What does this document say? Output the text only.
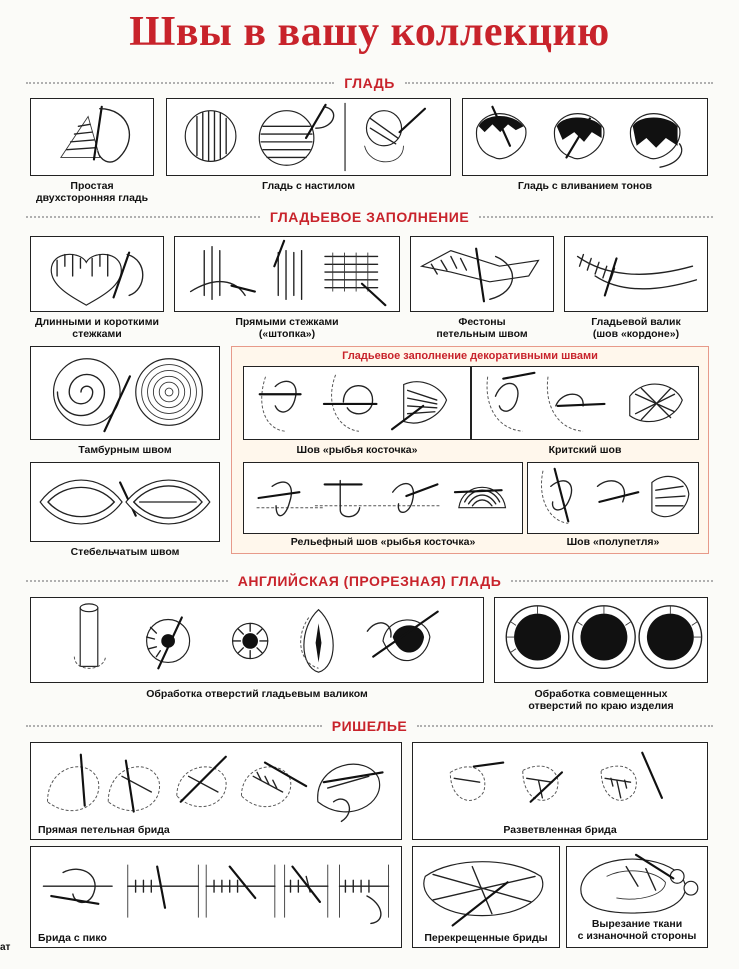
Швы в вашу коллекцию
ГЛАДЬ
Простая
двухсторонняя гладь
Гладь с настилом	Гладь с вливанием тонов
ГЛАДЬЕВОЕ ЗАПОЛНЕНИЕ
Длинными и короткими
стежками
Прямыми стежками
(«штопка»)
Фестоны
петельным швом
Гладьевой валик
(шов «кордоне»)
Тамбурным швом
Стебельчатым швом
Гладьевое заполнение декоративными швами
Шов «рыбья косточка»	Критский шов
Рельефный шов «рыбья косточка»	Шов «полупетля»
АНГЛИЙСКАЯ (ПРОРЕЗНАЯ) ГЛАДЬ
Обработка отверстий гладьевым валиком	Обработка совмещенных
отверстий по краю изделия
РИШЕЛЬЕ
Прямая петельная брида	Разветвленная брида
Брида с пико	Перекрещенные бриды
Вырезание ткани
с изнаночной стороны
ат
